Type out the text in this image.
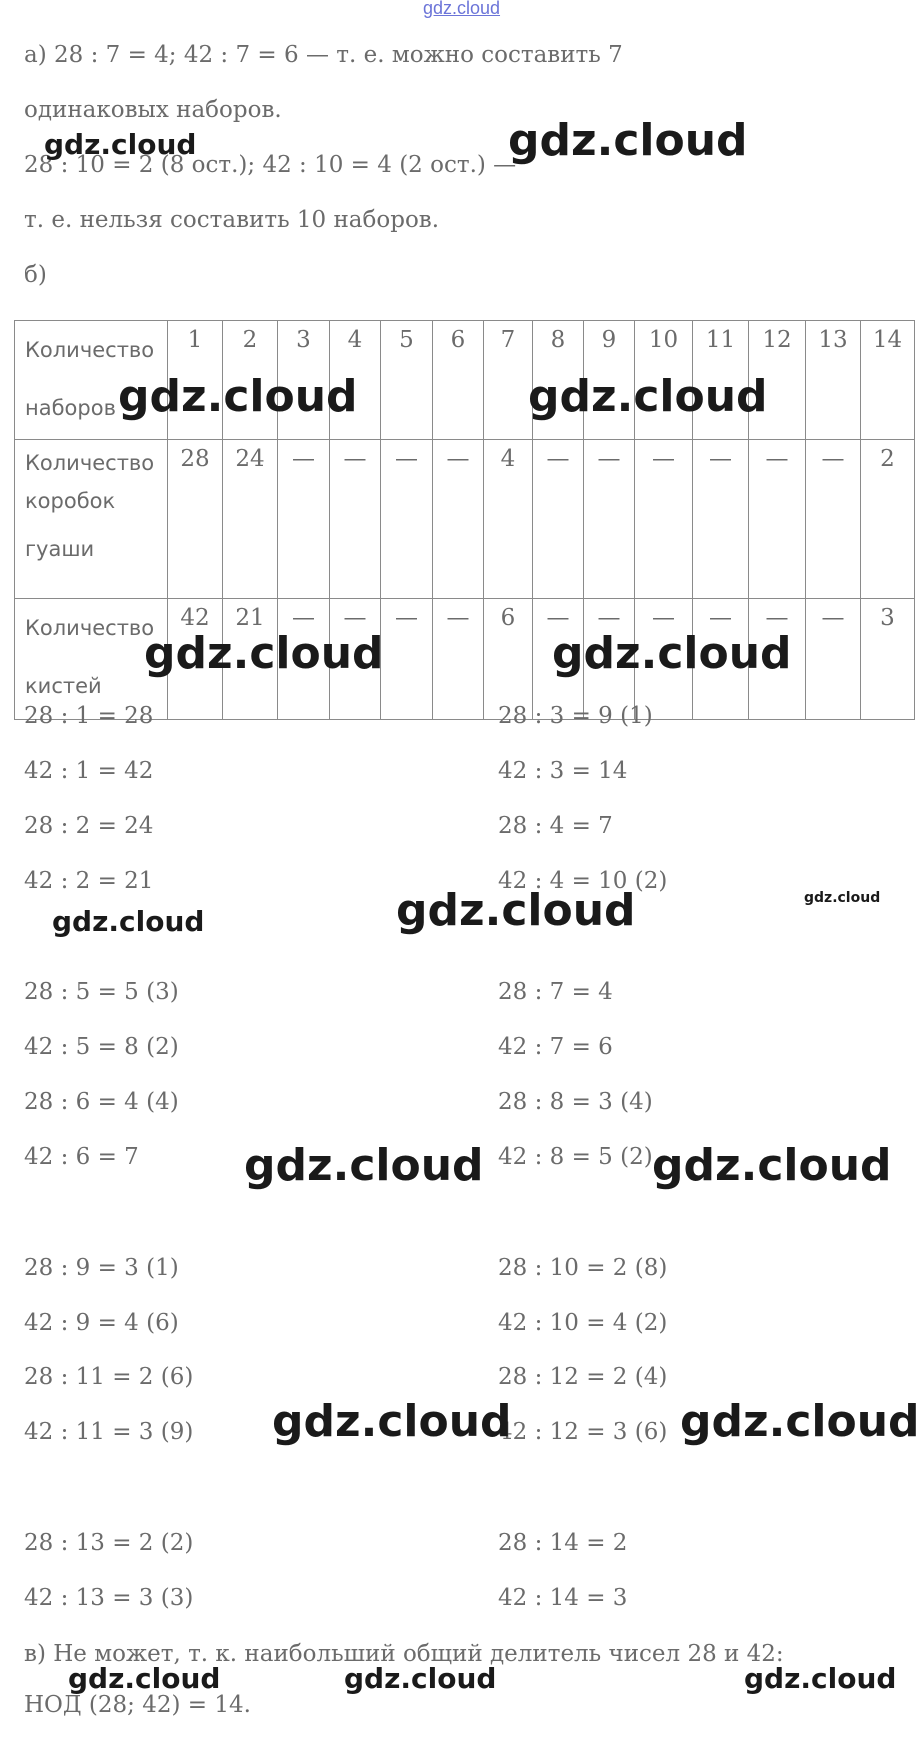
gdz.cloud
а) 28 : 7 = 4; 42 : 7 = 6 — т. е. можно составить 7
одинаковых наборов.
28 : 10 = 2 (8 ост.); 42 : 10 = 4 (2 ост.) —
т. е. нельзя составить 10 наборов.
б)
Количество
наборов	1	2	3	4	5	6	7	8	9	10	11	12	13	14

Количество
коробок
гуаши	28	24	—	—	—	—	4	—	—	—	—	—	—	2

Количество
кистей	42	21	—	—	—	—	6	—	—	—	—	—	—	3
28 : 1 = 28
42 : 1 = 42
28 : 2 = 24
42 : 2 = 21
28 : 5 = 5 (3)
42 : 5 = 8 (2)
28 : 6 = 4 (4)
42 : 6 = 7
28 : 9 = 3 (1)
42 : 9 = 4 (6)
28 : 11 = 2 (6)
42 : 11 = 3 (9)
28 : 13 = 2 (2)
42 : 13 = 3 (3)
28 : 3 = 9 (1)
42 : 3 = 14
28 : 4 = 7
42 : 4 = 10 (2)
28 : 7 = 4
42 : 7 = 6
28 : 8 = 3 (4)
42 : 8 = 5 (2)
28 : 10 = 2 (8)
42 : 10 = 4 (2)
28 : 12 = 2 (4)
42 : 12 = 3 (6)
28 : 14 = 2
42 : 14 = 3
в) Не может, т. к. наибольший общий делитель чисел 28 и 42:
НОД (28; 42) = 14.
gdz.cloud	gdz.cloud
gdz.cloud	gdz.cloud
gdz.cloud	gdz.cloud
gdz.cloud	gdz.cloud	gdz.cloud
gdz.cloud	gdz.cloud
gdz.cloud	gdz.cloud
gdz.cloud	gdz.cloud	gdz.cloud
